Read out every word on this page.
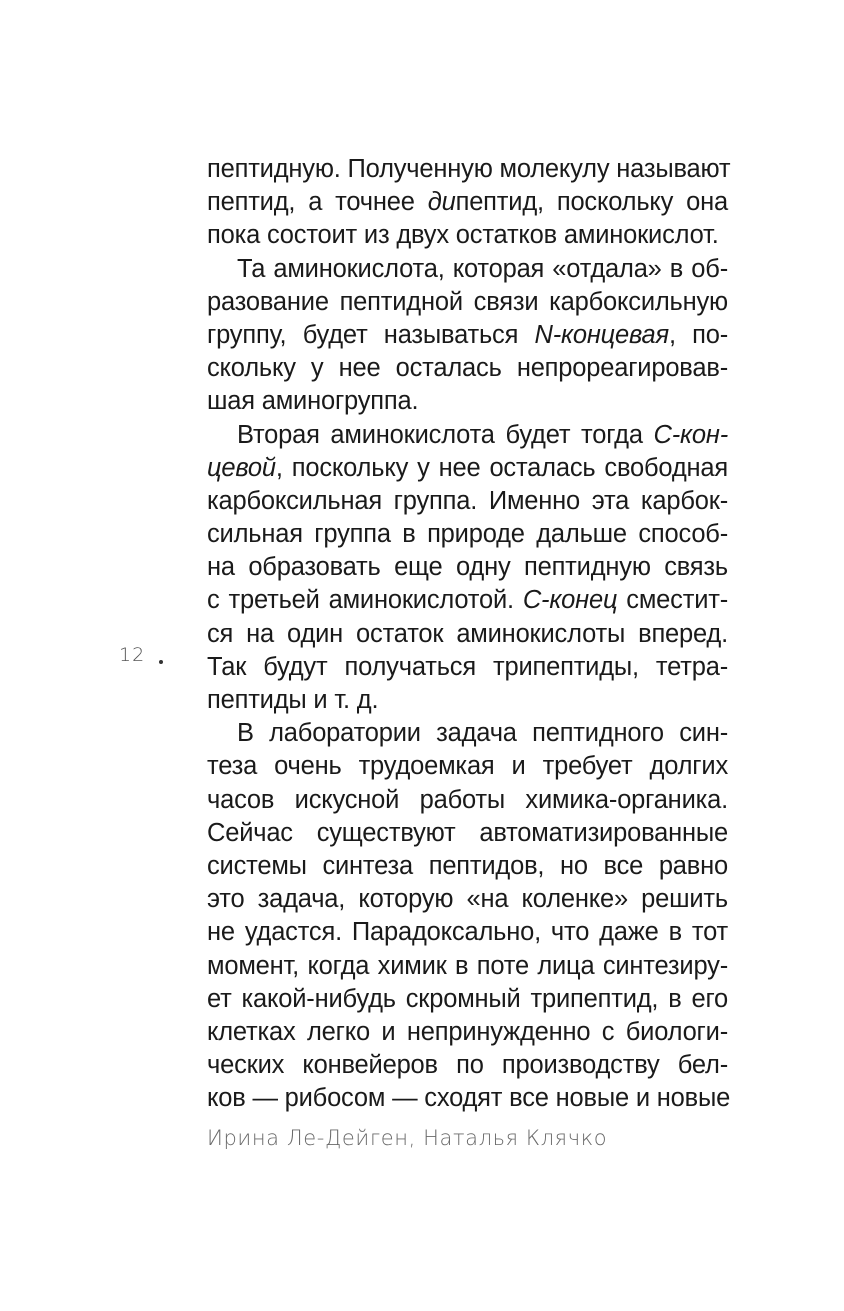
пептидную. Полученную молекулу называют
пептид, а точнее дипептид, поскольку она
пока состоит из двух остатков аминокислот.
Та аминокислота, которая «отдала» в об-
разование пептидной связи карбоксильную
группу, будет называться N-концевая, по-
скольку у нее осталась непрореагировав-
шая аминогруппа.
Вторая аминокислота будет тогда С-кон-
цевой, поскольку у нее осталась свободная
карбоксильная группа. Именно эта карбок-
сильная группа в природе дальше способ-
на образовать еще одну пептидную связь
с третьей аминокислотой. С-конец сместит-
ся на один остаток аминокислоты вперед.
Так будут получаться трипептиды, тетра-
пептиды и т. д.
В лаборатории задача пептидного син-
теза очень трудоемкая и требует долгих
часов искусной работы химика-органика.
Сейчас существуют автоматизированные
системы синтеза пептидов, но все равно
это задача, которую «на коленке» решить
не удастся. Парадоксально, что даже в тот
момент, когда химик в поте лица синтезиру-
ет какой-нибудь скромный трипептид, в его
клетках легко и непринужденно с биологи-
ческих конвейеров по производству бел-
ков — рибосом — сходят все новые и новые
12
Ирина Ле-Дейген, Наталья Клячко
